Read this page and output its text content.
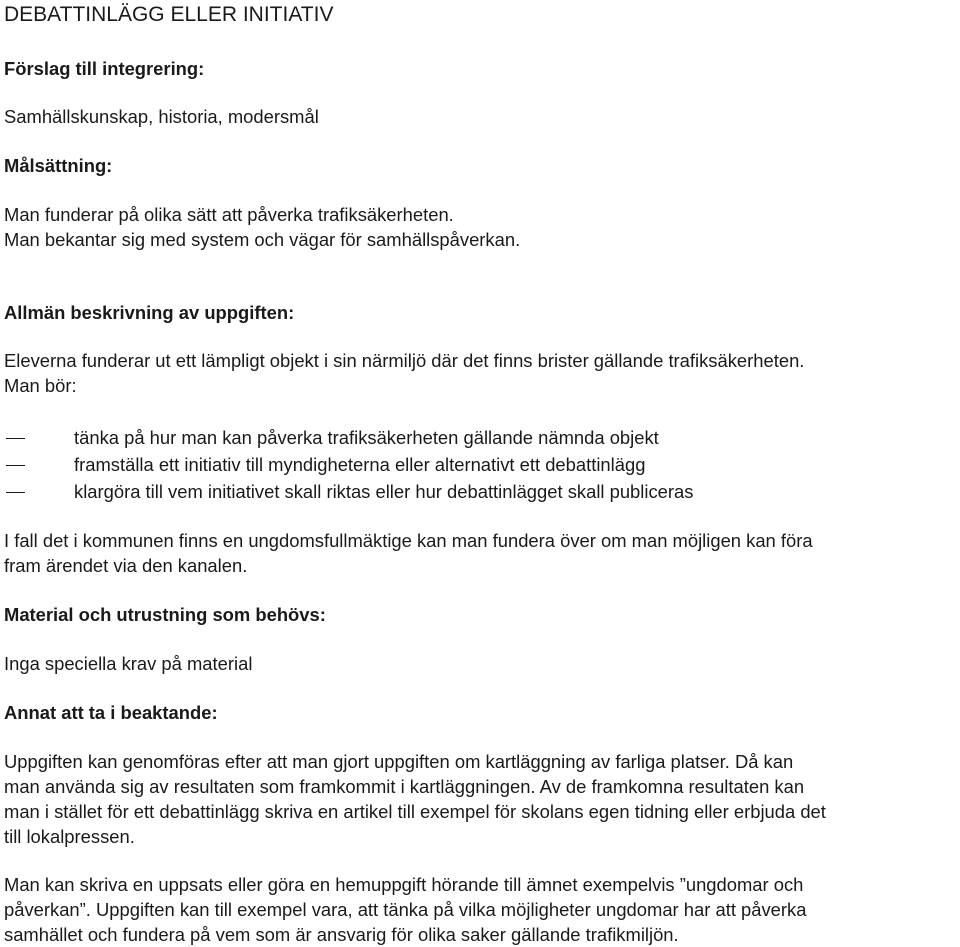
DEBATTINLÄGG ELLER INITIATIV
Förslag till integrering:
Samhällskunskap, historia, modersmål
Målsättning:
Man funderar på olika sätt att påverka trafiksäkerheten.
Man bekantar sig med system och vägar för samhällspåverkan.
Allmän beskrivning av uppgiften:
Eleverna funderar ut ett lämpligt objekt i sin närmiljö där det finns brister gällande trafiksäkerheten.
Man bör:
tänka på hur man kan påverka trafiksäkerheten gällande nämnda objekt
framställa ett initiativ till myndigheterna eller alternativt ett debattinlägg
klargöra till vem initiativet skall riktas eller hur debattinlägget skall publiceras
I fall det i kommunen finns en ungdomsfullmäktige kan man fundera över om man möjligen kan föra
fram ärendet via den kanalen.
Material och utrustning som behövs:
Inga speciella krav på material
Annat att ta i beaktande:
Uppgiften kan genomföras efter att man gjort uppgiften om kartläggning av farliga platser. Då kan
man använda sig av resultaten som framkommit i kartläggningen. Av de framkomna resultaten kan
man i stället för ett debattinlägg skriva en artikel till exempel för skolans egen tidning eller erbjuda det
till lokalpressen.
Man kan skriva en uppsats eller göra en hemuppgift hörande till ämnet exempelvis ”ungdomar och
påverkan”. Uppgiften kan till exempel vara, att tänka på vilka möjligheter ungdomar har att påverka
samhället och fundera på vem som är ansvarig för olika saker gällande trafikmiljön.
